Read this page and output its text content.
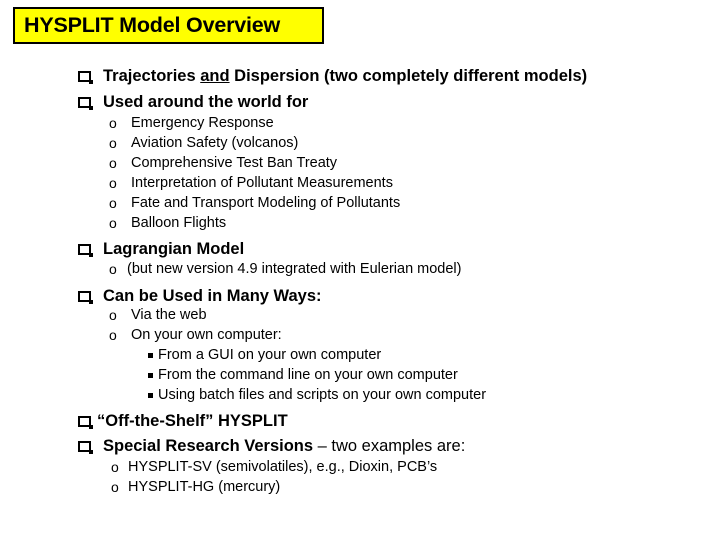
HYSPLIT Model Overview
Trajectories and Dispersion (two completely different models)
Used around the world for
o Emergency Response
o Aviation Safety (volcanos)
o Comprehensive Test Ban Treaty
o Interpretation of Pollutant Measurements
o Fate and Transport Modeling of Pollutants
o Balloon Flights
Lagrangian Model
o (but new version 4.9 integrated with Eulerian model)
Can be Used in Many Ways:
o Via the web
o On your own computer:
From a GUI on your own computer
From the command line on your own computer
Using batch files and scripts on your own computer
“Off-the-Shelf” HYSPLIT
Special Research Versions – two examples are:
o HYSPLIT-SV (semivolatiles), e.g., Dioxin, PCB’s
o HYSPLIT-HG (mercury)
